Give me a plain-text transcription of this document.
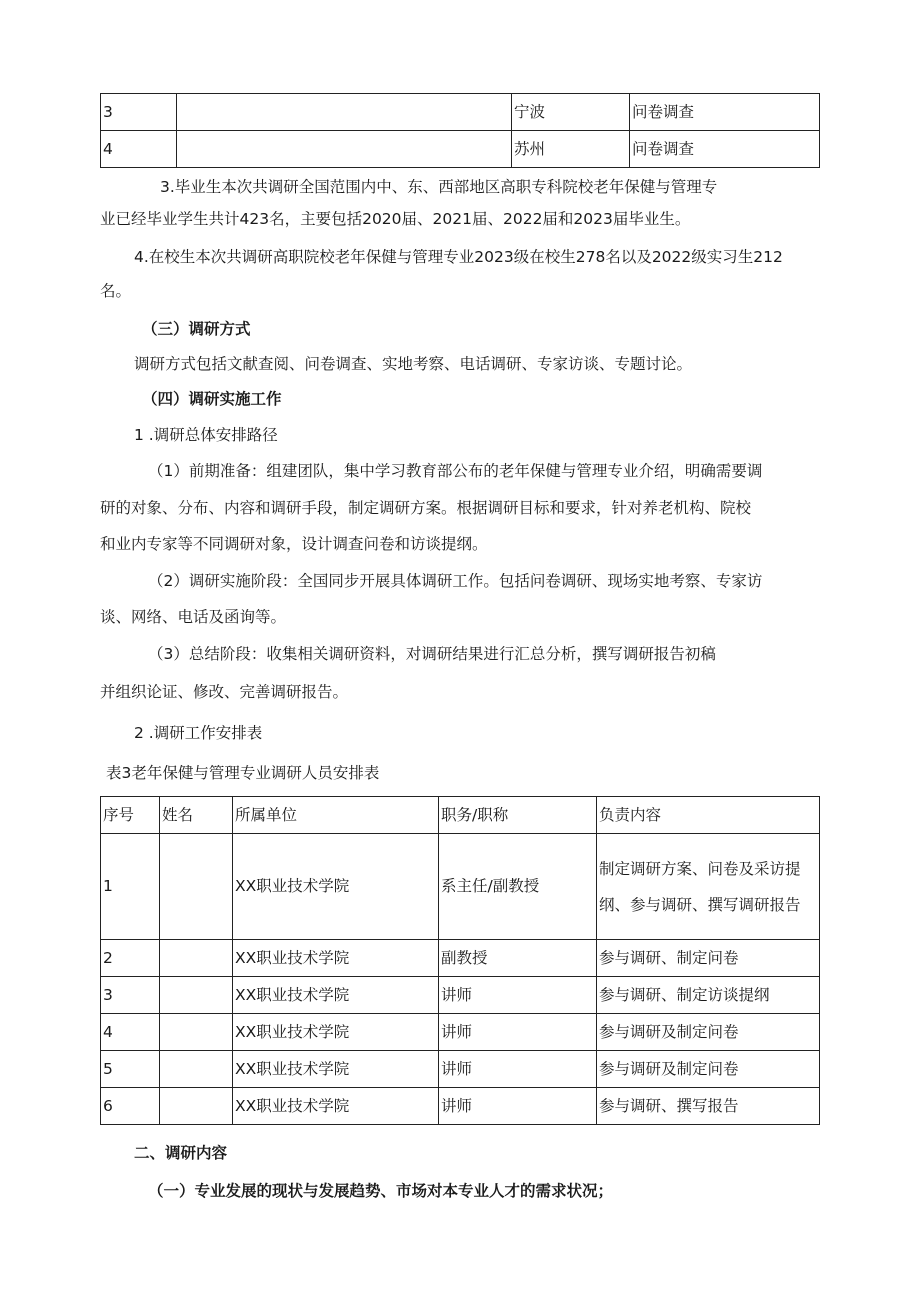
3		宁波	问卷调查
4		苏州	问卷调查

3.毕业生本次共调研全国范围内中、东、西部地区高职专科院校老年保健与管理专

业已经毕业学生共计423名，主要包括2020届、2021届、2022届和2023届毕业生。

4.在校生本次共调研高职院校老年保健与管理专业2023级在校生278名以及2022级实习生212

名。

（三）调研方式

调研方式包括文献查阅、问卷调查、实地考察、电话调研、专家访谈、专题讨论。

（四）调研实施工作

1 .调研总体安排路径

（1）前期准备：组建团队，集中学习教育部公布的老年保健与管理专业介绍，明确需要调

研的对象、分布、内容和调研手段，制定调研方案。根据调研目标和要求，针对养老机构、院校

和业内专家等不同调研对象，设计调查问卷和访谈提纲。

（2）调研实施阶段：全国同步开展具体调研工作。包括问卷调研、现场实地考察、专家访

谈、网络、电话及函询等。

（3）总结阶段：收集相关调研资料，对调研结果进行汇总分析，撰写调研报告初稿

并组织论证、修改、完善调研报告。

2 .调研工作安排表

表3老年保健与管理专业调研人员安排表

序号	姓名	所属单位	职务/职称	负责内容
1		XX职业技术学院	系主任/副教授	制定调研方案、问卷及采访提纲、参与调研、撰写调研报告
2		XX职业技术学院	副教授	参与调研、制定问卷
3		XX职业技术学院	讲师	参与调研、制定访谈提纲
4		XX职业技术学院	讲师	参与调研及制定问卷
5		XX职业技术学院	讲师	参与调研及制定问卷
6		XX职业技术学院	讲师	参与调研、撰写报告

二、调研内容

（一）专业发展的现状与发展趋势、市场对本专业人才的需求状况；
